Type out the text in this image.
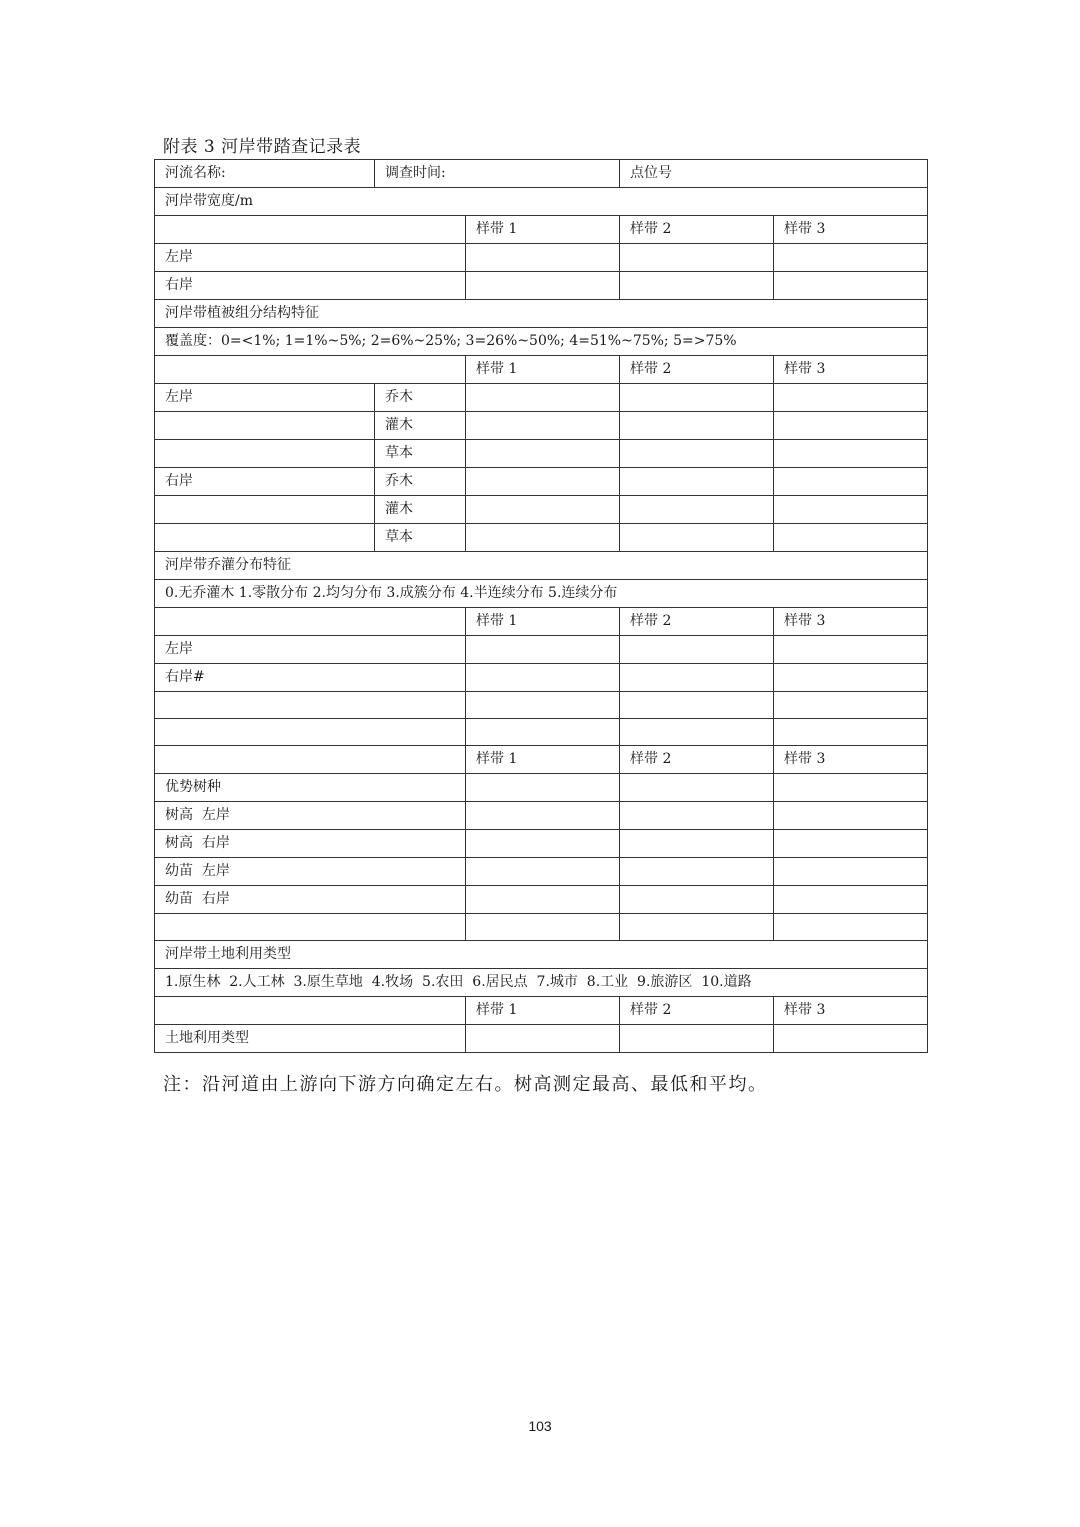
附表 3 河岸带踏查记录表
河流名称:	调查时间:		点位号	
河岸带宽度/m				
		样带 1	样带 2	样带 3
左岸				
右岸				
河岸带植被组分结构特征				
覆盖度：0=<1%; 1=1%~5%; 2=6%~25%; 3=26%~50%; 4=51%~75%; 5=>75%				
		样带 1	样带 2	样带 3
左岸	乔木			
	灌木			
	草本			
右岸	乔木			
	灌木			
	草本			
河岸带乔灌分布特征				
0.无乔灌木 1.零散分布 2.均匀分布 3.成簇分布 4.半连续分布 5.连续分布				
		样带 1	样带 2	样带 3
左岸				
右岸#				

		样带 1	样带 2	样带 3
优势树种				
树高  左岸				
树高  右岸				
幼苗  左岸				
幼苗  右岸				

河岸带土地利用类型				
1.原生林  2.人工林  3.原生草地  4.牧场  5.农田  6.居民点  7.城市  8.工业  9.旅游区  10.道路				
		样带 1	样带 2	样带 3
土地利用类型				
注：沿河道由上游向下游方向确定左右。树高测定最高、最低和平均。
103
